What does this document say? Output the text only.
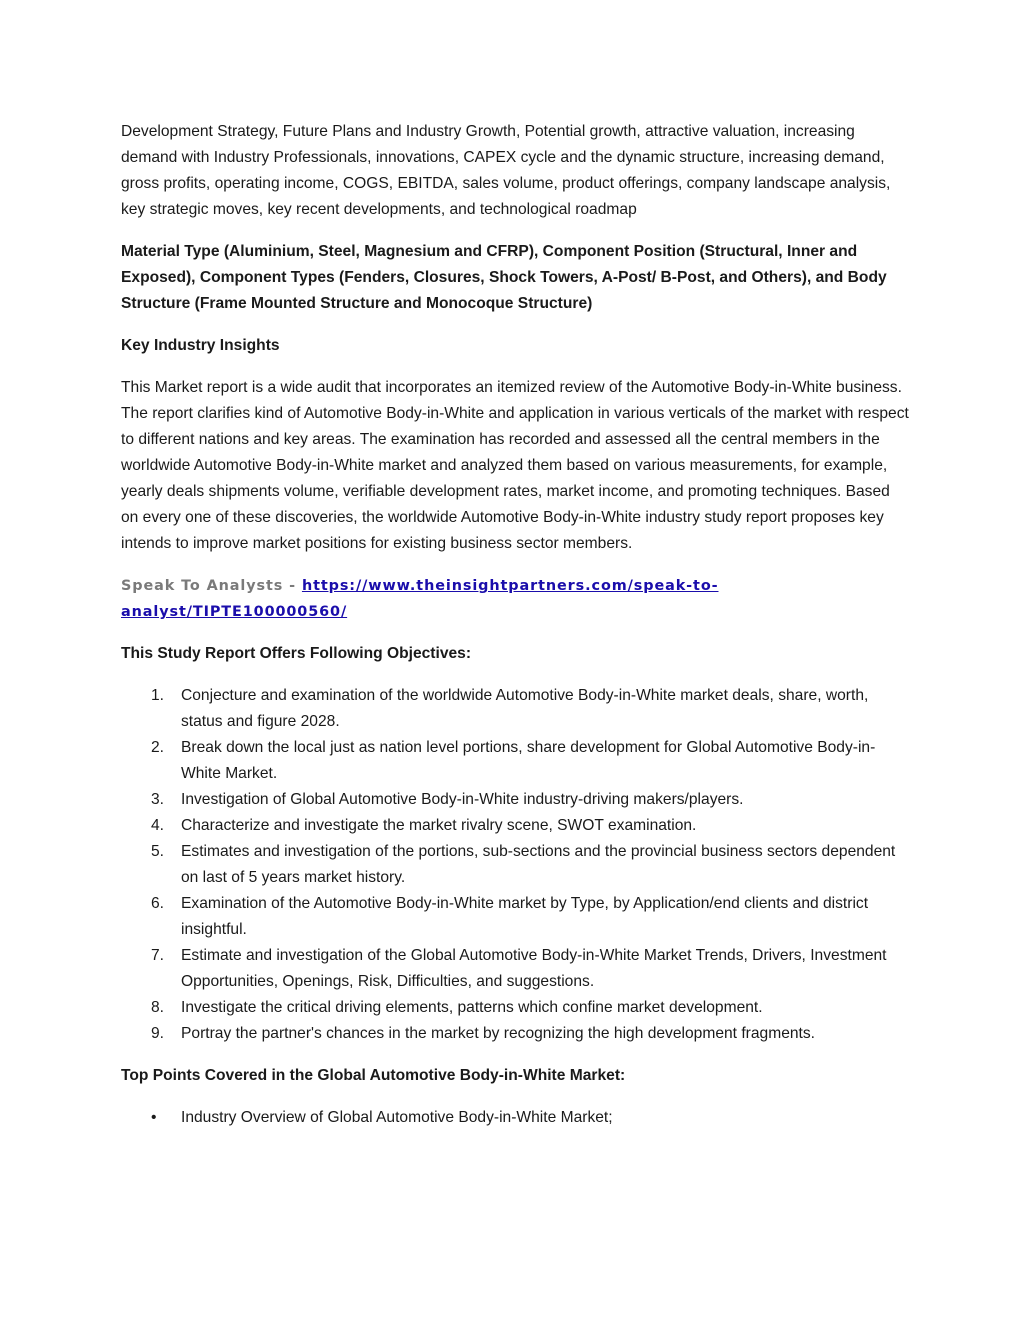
Development Strategy, Future Plans and Industry Growth, Potential growth, attractive valuation, increasing demand with Industry Professionals, innovations, CAPEX cycle and the dynamic structure, increasing demand, gross profits, operating income, COGS, EBITDA, sales volume, product offerings, company landscape analysis, key strategic moves, key recent developments, and technological roadmap

Material Type (Aluminium, Steel, Magnesium and CFRP), Component Position (Structural, Inner and Exposed), Component Types (Fenders, Closures, Shock Towers, A-Post/ B-Post, and Others), and Body Structure (Frame Mounted Structure and Monocoque Structure)

Key Industry Insights

This Market report is a wide audit that incorporates an itemized review of the Automotive Body-in-White business. The report clarifies kind of Automotive Body-in-White and application in various verticals of the market with respect to different nations and key areas. The examination has recorded and assessed all the central members in the worldwide Automotive Body-in-White market and analyzed them based on various measurements, for example, yearly deals shipments volume, verifiable development rates, market income, and promoting techniques. Based on every one of these discoveries, the worldwide Automotive Body-in-White industry study report proposes key intends to improve market positions for existing business sector members.

Speak To Analysts - https://www.theinsightpartners.com/speak-to-analyst/TIPTE100000560/

This Study Report Offers Following Objectives:

1. Conjecture and examination of the worldwide Automotive Body-in-White market deals, share, worth, status and figure 2028.
2. Break down the local just as nation level portions, share development for Global Automotive Body-in-White Market.
3. Investigation of Global Automotive Body-in-White industry-driving makers/players.
4. Characterize and investigate the market rivalry scene, SWOT examination.
5. Estimates and investigation of the portions, sub-sections and the provincial business sectors dependent on last of 5 years market history.
6. Examination of the Automotive Body-in-White market by Type, by Application/end clients and district insightful.
7. Estimate and investigation of the Global Automotive Body-in-White Market Trends, Drivers, Investment Opportunities, Openings, Risk, Difficulties, and suggestions.
8. Investigate the critical driving elements, patterns which confine market development.
9. Portray the partner's chances in the market by recognizing the high development fragments.

Top Points Covered in the Global Automotive Body-in-White Market:

• Industry Overview of Global Automotive Body-in-White Market;
